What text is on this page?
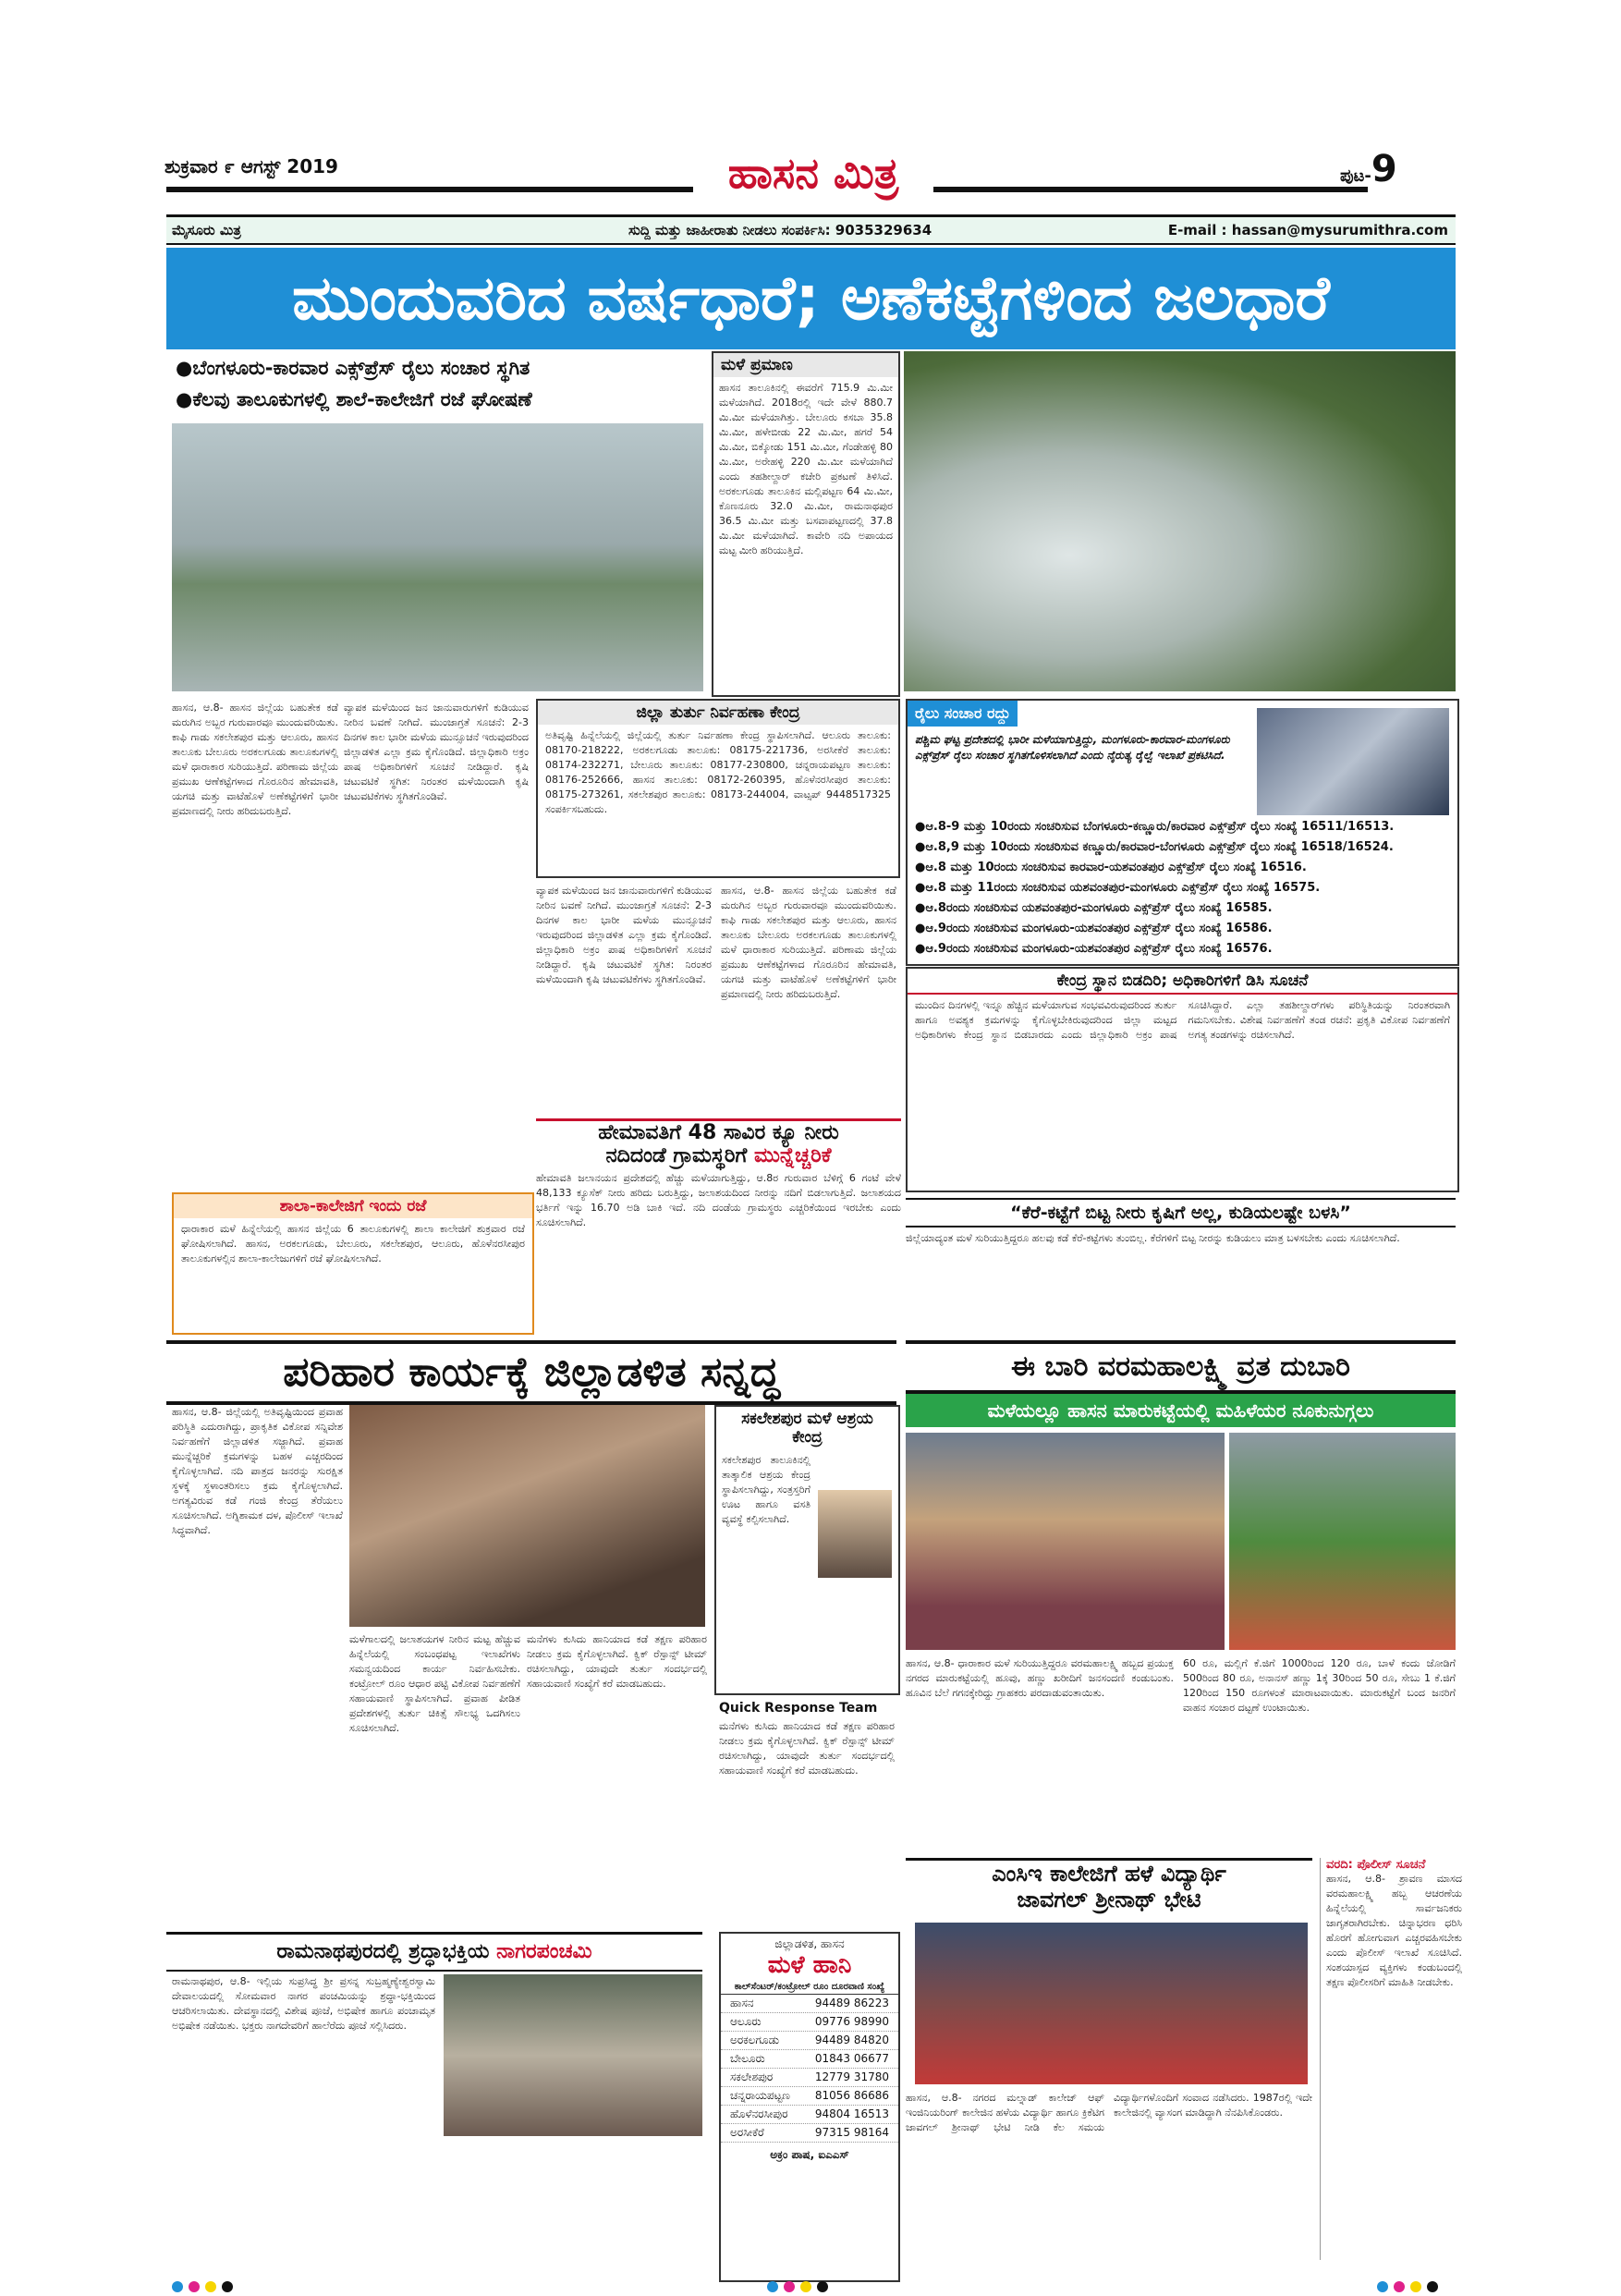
ಶುಕ್ರವಾರ ೯ ಆಗಸ್ಟ್ 2019	ಹಾಸನ ಮಿತ್ರ	ಪುಟ-9
ಮೈಸೂರು ಮಿತ್ರ	ಸುದ್ದಿ ಮತ್ತು ಜಾಹೀರಾತು ನೀಡಲು ಸಂಪರ್ಕಿಸಿ: 9035329634	E-mail : hassan@mysurumithra.com
ಮುಂದುವರಿದ ವರ್ಷಧಾರೆ; ಅಣೆಕಟ್ಟೆಗಳಿಂದ ಜಲಧಾರೆ
●ಬೆಂಗಳೂರು-ಕಾರವಾರ ಎಕ್ಸ್‌ಪ್ರೆಸ್ ರೈಲು ಸಂಚಾರ ಸ್ಥಗಿತ
●ಕೆಲವು ತಾಲೂಕುಗಳಲ್ಲಿ ಶಾಲೆ-ಕಾಲೇಜಿಗೆ ರಜೆ ಘೋಷಣೆ
ಮಳೆ ಪ್ರಮಾಣ
ಹಾಸನ ತಾಲೂಕಿನಲ್ಲಿ ಈವರೆಗೆ 715.9 ಮಿ.ಮೀ ಮಳೆಯಾಗಿದೆ. 2018ರಲ್ಲಿ ಇದೇ ವೇಳೆ 880.7 ಮಿ.ಮೀ ಮಳೆಯಾಗಿತ್ತು. ಬೇಲೂರು ಕಸಬಾ 35.8 ಮಿ.ಮೀ, ಹಳೇಬೀಡು 22 ಮಿ.ಮೀ, ಹಗರೆ 54 ಮಿ.ಮೀ, ಬಿಕ್ಕೋಡು 151 ಮಿ.ಮೀ, ಗೆಂಡೇಹಳ್ಳಿ 80 ಮಿ.ಮೀ, ಅರೇಹಳ್ಳಿ 220 ಮಿ.ಮೀ ಮಳೆಯಾಗಿದೆ ಎಂದು ತಹಶೀಲ್ದಾರ್ ಕಚೇರಿ ಪ್ರಕಟಣೆ ತಿಳಿಸಿದೆ. ಅರಕಲಗೂಡು ತಾಲೂಕಿನ ಮಲ್ಲಿಪಟ್ಟಣ 64 ಮಿ.ಮೀ, ಕೊಣನೂರು 32.0 ಮಿ.ಮೀ, ರಾಮನಾಥಪುರ 36.5 ಮಿ.ಮೀ ಮತ್ತು ಬಸವಾಪಟ್ಟಣದಲ್ಲಿ 37.8 ಮಿ.ಮೀ ಮಳೆಯಾಗಿದೆ. ಕಾವೇರಿ ನದಿ ಅಪಾಯದ ಮಟ್ಟ ಮೀರಿ ಹರಿಯುತ್ತಿದೆ.
ಹಾಸನ, ಆ.8- ಹಾಸನ ಜಿಲ್ಲೆಯ ಬಹುತೇಕ ಕಡೆ ಮರುಗಿನ ಅಬ್ಬರ ಗುರುವಾರವೂ ಮುಂದುವರಿಯಿತು. ಕಾಫಿ ಗಾಡು ಸಕಲೇಶಪುರ ಮತ್ತು ಆಲೂರು, ಹಾಸನ ತಾಲೂಕು ಬೇಲೂರು ಅರಕಲಗೂಡು ತಾಲೂಕುಗಳಲ್ಲಿ ಮಳೆ ಧಾರಾಕಾರ ಸುರಿಯುತ್ತಿದೆ. ಪರಿಣಾಮ ಜಿಲ್ಲೆಯ ಪ್ರಮುಖ ಆಣೆಕಟ್ಟೆಗಳಾದ ಗೊರೂರಿನ ಹೇಮಾವತಿ, ಯಗಚಿ ಮತ್ತು ವಾಟೆಹೊಳೆ ಅಣೆಕಟ್ಟೆಗಳಿಗೆ ಭಾರೀ ಪ್ರಮಾಣದಲ್ಲಿ ನೀರು ಹರಿದುಬರುತ್ತಿದೆ.
ವ್ಯಾಪಕ ಮಳೆಯಿಂದ ಜನ ಜಾನುವಾರುಗಳಿಗೆ ಕುಡಿಯುವ ನೀರಿನ ಬವಣೆ ನೀಗಿದೆ. ಮುಂಜಾಗ್ರತೆ ಸೂಚನೆ: 2-3 ದಿನಗಳ ಕಾಲ ಭಾರೀ ಮಳೆಯ ಮುನ್ಸೂಚನೆ ಇರುವುದರಿಂದ ಜಿಲ್ಲಾಡಳಿತ ಎಲ್ಲಾ ಕ್ರಮ ಕೈಗೊಂಡಿದೆ. ಜಿಲ್ಲಾಧಿಕಾರಿ ಅಕ್ರಂ ಪಾಷ ಅಧಿಕಾರಿಗಳಿಗೆ ಸೂಚನೆ ನೀಡಿದ್ದಾರೆ. ಕೃಷಿ ಚಟುವಟಿಕೆ ಸ್ಥಗಿತ: ನಿರಂತರ ಮಳೆಯಿಂದಾಗಿ ಕೃಷಿ ಚಟುವಟಿಕೆಗಳು ಸ್ಥಗಿತಗೊಂಡಿವೆ.
ಜಿಲ್ಲಾ ತುರ್ತು ನಿರ್ವಹಣಾ ಕೇಂದ್ರ
ಅತಿವೃಷ್ಟಿ ಹಿನ್ನೆಲೆಯಲ್ಲಿ ಜಿಲ್ಲೆಯಲ್ಲಿ ತುರ್ತು ನಿರ್ವಹಣಾ ಕೇಂದ್ರ ಸ್ಥಾಪಿಸಲಾಗಿದೆ. ಆಲೂರು ತಾಲೂಕು: 08170-218222, ಅರಕಲಗೂಡು ತಾಲೂಕು: 08175-221736, ಅರಸೀಕೆರೆ ತಾಲೂಕು: 08174-232271, ಬೇಲೂರು ತಾಲೂಕು: 08177-230800, ಚನ್ನರಾಯಪಟ್ಟಣ ತಾಲೂಕು: 08176-252666, ಹಾಸನ ತಾಲೂಕು: 08172-260395, ಹೊಳೆನರಸೀಪುರ ತಾಲೂಕು: 08175-273261, ಸಕಲೇಶಪುರ ತಾಲೂಕು: 08173-244004, ವಾಟ್ಸಪ್ 9448517325 ಸಂಪರ್ಕಿಸಬಹುದು.
ವ್ಯಾಪಕ ಮಳೆಯಿಂದ ಜನ ಜಾನುವಾರುಗಳಿಗೆ ಕುಡಿಯುವ ನೀರಿನ ಬವಣೆ ನೀಗಿದೆ. ಮುಂಜಾಗ್ರತೆ ಸೂಚನೆ: 2-3 ದಿನಗಳ ಕಾಲ ಭಾರೀ ಮಳೆಯ ಮುನ್ಸೂಚನೆ ಇರುವುದರಿಂದ ಜಿಲ್ಲಾಡಳಿತ ಎಲ್ಲಾ ಕ್ರಮ ಕೈಗೊಂಡಿದೆ. ಜಿಲ್ಲಾಧಿಕಾರಿ ಅಕ್ರಂ ಪಾಷ ಅಧಿಕಾರಿಗಳಿಗೆ ಸೂಚನೆ ನೀಡಿದ್ದಾರೆ. ಕೃಷಿ ಚಟುವಟಿಕೆ ಸ್ಥಗಿತ: ನಿರಂತರ ಮಳೆಯಿಂದಾಗಿ ಕೃಷಿ ಚಟುವಟಿಕೆಗಳು ಸ್ಥಗಿತಗೊಂಡಿವೆ.
ಹಾಸನ, ಆ.8- ಹಾಸನ ಜಿಲ್ಲೆಯ ಬಹುತೇಕ ಕಡೆ ಮರುಗಿನ ಅಬ್ಬರ ಗುರುವಾರವೂ ಮುಂದುವರಿಯಿತು. ಕಾಫಿ ಗಾಡು ಸಕಲೇಶಪುರ ಮತ್ತು ಆಲೂರು, ಹಾಸನ ತಾಲೂಕು ಬೇಲೂರು ಅರಕಲಗೂಡು ತಾಲೂಕುಗಳಲ್ಲಿ ಮಳೆ ಧಾರಾಕಾರ ಸುರಿಯುತ್ತಿದೆ. ಪರಿಣಾಮ ಜಿಲ್ಲೆಯ ಪ್ರಮುಖ ಆಣೆಕಟ್ಟೆಗಳಾದ ಗೊರೂರಿನ ಹೇಮಾವತಿ, ಯಗಚಿ ಮತ್ತು ವಾಟೆಹೊಳೆ ಅಣೆಕಟ್ಟೆಗಳಿಗೆ ಭಾರೀ ಪ್ರಮಾಣದಲ್ಲಿ ನೀರು ಹರಿದುಬರುತ್ತಿದೆ.
ರೈಲು ಸಂಚಾರ ರದ್ದು
ಪಶ್ಚಿಮ ಘಟ್ಟ ಪ್ರದೇಶದಲ್ಲಿ ಭಾರೀ ಮಳೆಯಾಗುತ್ತಿದ್ದು, ಮಂಗಳೂರು-ಕಾರವಾರ-ಮಂಗಳೂರು ಎಕ್ಸ್‌ಪ್ರೆಸ್ ರೈಲು ಸಂಚಾರ ಸ್ಥಗಿತಗೊಳಿಸಲಾಗಿದೆ ಎಂದು ನೈರುತ್ಯ ರೈಲ್ವೆ ಇಲಾಖೆ ಪ್ರಕಟಿಸಿದೆ.
●ಆ.8-9 ಮತ್ತು 10ರಂದು ಸಂಚರಿಸುವ ಬೆಂಗಳೂರು-ಕಣ್ಣೂರು/ಕಾರವಾರ ಎಕ್ಸ್‌ಪ್ರೆಸ್ ರೈಲು ಸಂಖ್ಯೆ 16511/16513.
●ಆ.8,9 ಮತ್ತು 10ರಂದು ಸಂಚರಿಸುವ ಕಣ್ಣೂರು/ಕಾರವಾರ-ಬೆಂಗಳೂರು ಎಕ್ಸ್‌ಪ್ರೆಸ್ ರೈಲು ಸಂಖ್ಯೆ 16518/16524.
●ಆ.8 ಮತ್ತು 10ರಂದು ಸಂಚರಿಸುವ ಕಾರವಾರ-ಯಶವಂತಪುರ ಎಕ್ಸ್‌ಪ್ರೆಸ್ ರೈಲು ಸಂಖ್ಯೆ 16516.
●ಆ.8 ಮತ್ತು 11ರಂದು ಸಂಚರಿಸುವ ಯಶವಂತಪುರ-ಮಂಗಳೂರು ಎಕ್ಸ್‌ಪ್ರೆಸ್ ರೈಲು ಸಂಖ್ಯೆ 16575.
●ಆ.8ರಂದು ಸಂಚರಿಸುವ ಯಶವಂತಪುರ-ಮಂಗಳೂರು ಎಕ್ಸ್‌ಪ್ರೆಸ್ ರೈಲು ಸಂಖ್ಯೆ 16585.
●ಆ.9ರಂದು ಸಂಚರಿಸುವ ಮಂಗಳೂರು-ಯಶವಂತಪುರ ಎಕ್ಸ್‌ಪ್ರೆಸ್ ರೈಲು ಸಂಖ್ಯೆ 16586.
●ಆ.9ರಂದು ಸಂಚರಿಸುವ ಮಂಗಳೂರು-ಯಶವಂತಪುರ ಎಕ್ಸ್‌ಪ್ರೆಸ್ ರೈಲು ಸಂಖ್ಯೆ 16576.
ಕೇಂದ್ರ ಸ್ಥಾನ ಬಿಡದಿರಿ; ಅಧಿಕಾರಿಗಳಿಗೆ ಡಿಸಿ ಸೂಚನೆ
ಮುಂದಿನ ದಿನಗಳಲ್ಲಿ ಇನ್ನೂ ಹೆಚ್ಚಿನ ಮಳೆಯಾಗುವ ಸಂಭವವಿರುವುದರಿಂದ ತುರ್ತು ಹಾಗೂ ಅವಶ್ಯಕ ಕ್ರಮಗಳನ್ನು ಕೈಗೊಳ್ಳಬೇಕಿರುವುದರಿಂದ ಜಿಲ್ಲಾ ಮಟ್ಟದ ಅಧಿಕಾರಿಗಳು ಕೇಂದ್ರ ಸ್ಥಾನ ಬಿಡಬಾರದು ಎಂದು ಜಿಲ್ಲಾಧಿಕಾರಿ ಅಕ್ರಂ ಪಾಷ ಸೂಚಿಸಿದ್ದಾರೆ. ಎಲ್ಲಾ ತಹಶೀಲ್ದಾರ್‌ಗಳು ಪರಿಸ್ಥಿತಿಯನ್ನು ನಿರಂತರವಾಗಿ ಗಮನಿಸಬೇಕು. ವಿಶೇಷ ನಿರ್ವಹಣೆಗೆ ತಂಡ ರಚನೆ: ಪ್ರಕೃತಿ ವಿಕೋಪ ನಿರ್ವಹಣೆಗೆ ಅಗತ್ಯ ತಂಡಗಳನ್ನು ರಚಿಸಲಾಗಿದೆ.
ಶಾಲಾ-ಕಾಲೇಜಿಗೆ ಇಂದು ರಜೆ
ಧಾರಾಕಾರ ಮಳೆ ಹಿನ್ನೆಲೆಯಲ್ಲಿ ಹಾಸನ ಜಿಲ್ಲೆಯ 6 ತಾಲೂಕುಗಳಲ್ಲಿ ಶಾಲಾ ಕಾಲೇಜಿಗೆ ಶುಕ್ರವಾರ ರಜೆ ಘೋಷಿಸಲಾಗಿದೆ. ಹಾಸನ, ಅರಕಲಗೂಡು, ಬೇಲೂರು, ಸಕಲೇಶಪುರ, ಆಲೂರು, ಹೊಳೆನರಸೀಪುರ ತಾಲೂಕುಗಳಲ್ಲಿನ ಶಾಲಾ-ಕಾಲೇಜುಗಳಿಗೆ ರಜೆ ಘೋಷಿಸಲಾಗಿದೆ.
ಹೇಮಾವತಿಗೆ 48 ಸಾವಿರ ಕ್ಯೂ ನೀರು
ನದಿದಂಡೆ ಗ್ರಾಮಸ್ಥರಿಗೆ ಮುನ್ನೆಚ್ಚರಿಕೆ
ಹೇಮಾವತಿ ಜಲಾನಯನ ಪ್ರದೇಶದಲ್ಲಿ ಹೆಚ್ಚು ಮಳೆಯಾಗುತ್ತಿದ್ದು, ಆ.8ರ ಗುರುವಾರ ಬೆಳಿಗ್ಗೆ 6 ಗಂಟೆ ವೇಳೆ 48,133 ಕ್ಯೂಸೆಕ್ ನೀರು ಹರಿದು ಬರುತ್ತಿದ್ದು, ಜಲಾಶಯದಿಂದ ನೀರನ್ನು ನದಿಗೆ ಬಿಡಲಾಗುತ್ತಿದೆ. ಜಲಾಶಯದ ಭರ್ತಿಗೆ ಇನ್ನು 16.70 ಅಡಿ ಬಾಕಿ ಇದೆ. ನದಿ ದಂಡೆಯ ಗ್ರಾಮಸ್ಥರು ಎಚ್ಚರಿಕೆಯಿಂದ ಇರಬೇಕು ಎಂದು ಸೂಚಿಸಲಾಗಿದೆ.	“ಕೆರೆ-ಕಟ್ಟೆಗೆ ಬಿಟ್ಟ ನೀರು ಕೃಷಿಗೆ ಅಲ್ಲ, ಕುಡಿಯಲಷ್ಟೇ ಬಳಸಿ”
ಜಿಲ್ಲೆಯಾದ್ಯಂತ ಮಳೆ ಸುರಿಯುತ್ತಿದ್ದರೂ ಹಲವು ಕಡೆ ಕೆರೆ-ಕಟ್ಟೆಗಳು ತುಂಬಿಲ್ಲ. ಕೆರೆಗಳಿಗೆ ಬಿಟ್ಟ ನೀರನ್ನು ಕುಡಿಯಲು ಮಾತ್ರ ಬಳಸಬೇಕು ಎಂದು ಸೂಚಿಸಲಾಗಿದೆ.
ಪರಿಹಾರ ಕಾರ್ಯಕ್ಕೆ ಜಿಲ್ಲಾಡಳಿತ ಸನ್ನದ್ಧ
ಹಾಸನ, ಆ.8- ಜಿಲ್ಲೆಯಲ್ಲಿ ಅತಿವೃಷ್ಟಿಯಿಂದ ಪ್ರವಾಹ ಪರಿಸ್ಥಿತಿ ಎದುರಾಗಿದ್ದು, ಪ್ರಾಕೃತಿಕ ವಿಕೋಪ ಸನ್ನಿವೇಶ ನಿರ್ವಹಣೆಗೆ ಜಿಲ್ಲಾಡಳಿತ ಸಜ್ಜಾಗಿದೆ. ಪ್ರವಾಹ ಮುನ್ನೆಚ್ಚರಿಕೆ ಕ್ರಮಗಳನ್ನು ಬಹಳ ಎಚ್ಚರದಿಂದ ಕೈಗೊಳ್ಳಲಾಗಿದೆ. ನದಿ ಪಾತ್ರದ ಜನರನ್ನು ಸುರಕ್ಷಿತ ಸ್ಥಳಕ್ಕೆ ಸ್ಥಳಾಂತರಿಸಲು ಕ್ರಮ ಕೈಗೊಳ್ಳಲಾಗಿದೆ. ಅಗತ್ಯವಿರುವ ಕಡೆ ಗಂಜಿ ಕೇಂದ್ರ ತೆರೆಯಲು ಸೂಚಿಸಲಾಗಿದೆ. ಅಗ್ನಿಶಾಮಕ ದಳ, ಪೊಲೀಸ್ ಇಲಾಖೆ ಸಿದ್ಧವಾಗಿದೆ.
ಮಳೆಗಾಲದಲ್ಲಿ ಜಲಾಶಯಗಳ ನೀರಿನ ಮಟ್ಟ ಹೆಚ್ಚುವ ಹಿನ್ನೆಲೆಯಲ್ಲಿ ಸಂಬಂಧಪಟ್ಟ ಇಲಾಖೆಗಳು ಸಮನ್ವಯದಿಂದ ಕಾರ್ಯ ನಿರ್ವಹಿಸಬೇಕು. ಕಂಟ್ರೋಲ್ ರೂಂ ಆಧಾರ ಪಟ್ಟಿ ವಿಕೋಪ ನಿರ್ವಹಣೆಗೆ ಸಹಾಯವಾಣಿ ಸ್ಥಾಪಿಸಲಾಗಿದೆ. ಪ್ರವಾಹ ಪೀಡಿತ ಪ್ರದೇಶಗಳಲ್ಲಿ ತುರ್ತು ಚಿಕಿತ್ಸೆ ಸೌಲಭ್ಯ ಒದಗಿಸಲು ಸೂಚಿಸಲಾಗಿದೆ.
ಮನೆಗಳು ಕುಸಿದು ಹಾನಿಯಾದ ಕಡೆ ತಕ್ಷಣ ಪರಿಹಾರ ನೀಡಲು ಕ್ರಮ ಕೈಗೊಳ್ಳಲಾಗಿದೆ. ಕ್ವಿಕ್ ರೆಸ್ಪಾನ್ಸ್ ಟೀಮ್ ರಚಿಸಲಾಗಿದ್ದು, ಯಾವುದೇ ತುರ್ತು ಸಂದರ್ಭದಲ್ಲಿ ಸಹಾಯವಾಣಿ ಸಂಖ್ಯೆಗೆ ಕರೆ ಮಾಡಬಹುದು.
ಸಕಲೇಶಪುರ ಮಳೆ ಆಶ್ರಯ ಕೇಂದ್ರ
ಸಕಲೇಶಪುರ ತಾಲೂಕಿನಲ್ಲಿ ತಾತ್ಕಾಲಿಕ ಆಶ್ರಯ ಕೇಂದ್ರ ಸ್ಥಾಪಿಸಲಾಗಿದ್ದು, ಸಂತ್ರಸ್ತರಿಗೆ ಊಟ ಹಾಗೂ ವಸತಿ ವ್ಯವಸ್ಥೆ ಕಲ್ಪಿಸಲಾಗಿದೆ.
Quick Response Team
ಮನೆಗಳು ಕುಸಿದು ಹಾನಿಯಾದ ಕಡೆ ತಕ್ಷಣ ಪರಿಹಾರ ನೀಡಲು ಕ್ರಮ ಕೈಗೊಳ್ಳಲಾಗಿದೆ. ಕ್ವಿಕ್ ರೆಸ್ಪಾನ್ಸ್ ಟೀಮ್ ರಚಿಸಲಾಗಿದ್ದು, ಯಾವುದೇ ತುರ್ತು ಸಂದರ್ಭದಲ್ಲಿ ಸಹಾಯವಾಣಿ ಸಂಖ್ಯೆಗೆ ಕರೆ ಮಾಡಬಹುದು.
ಈ ಬಾರಿ ವರಮಹಾಲಕ್ಷ್ಮಿ ವ್ರತ ದುಬಾರಿ
ಮಳೆಯಲ್ಲೂ ಹಾಸನ ಮಾರುಕಟ್ಟೆಯಲ್ಲಿ ಮಹಿಳೆಯರ ನೂಕುನುಗ್ಗಲು
ಹಾಸನ, ಆ.8- ಧಾರಾಕಾರ ಮಳೆ ಸುರಿಯುತ್ತಿದ್ದರೂ ವರಮಹಾಲಕ್ಷ್ಮಿ ಹಬ್ಬದ ಪ್ರಯುಕ್ತ ನಗರದ ಮಾರುಕಟ್ಟೆಯಲ್ಲಿ ಹೂವು, ಹಣ್ಣು ಖರೀದಿಗೆ ಜನಸಂದಣಿ ಕಂಡುಬಂತು. ಹೂವಿನ ಬೆಲೆ ಗಗನಕ್ಕೇರಿದ್ದು ಗ್ರಾಹಕರು ಪರದಾಡುವಂತಾಯಿತು.
60 ರೂ, ಮಲ್ಲಿಗೆ ಕೆ.ಜಿಗೆ 1000ರಿಂದ 120 ರೂ, ಬಾಳೆ ಕಂದು ಜೋಡಿಗೆ 500ರಿಂದ 80 ರೂ, ಅನಾನಸ್ ಹಣ್ಣು 1ಕ್ಕೆ 30ರಿಂದ 50 ರೂ, ಸೇಬು 1 ಕೆ.ಜಿಗೆ 120ರಿಂದ 150 ರೂಗಳಂತೆ ಮಾರಾಟವಾಯಿತು. ಮಾರುಕಟ್ಟೆಗೆ ಬಂದ ಜನರಿಗೆ ವಾಹನ ಸಂಚಾರ ದಟ್ಟಣೆ ಉಂಟಾಯಿತು.
ಎಂಸಿಇ ಕಾಲೇಜಿಗೆ ಹಳೆ ವಿದ್ಯಾರ್ಥಿ
ಜಾವಗಲ್ ಶ್ರೀನಾಥ್ ಭೇಟಿ
ಹಾಸನ, ಆ.8- ನಗರದ ಮಲ್ನಾಡ್ ಕಾಲೇಜ್ ಆಫ್ ಇಂಜಿನಿಯರಿಂಗ್ ಕಾಲೇಜಿನ ಹಳೆಯ ವಿದ್ಯಾರ್ಥಿ ಹಾಗೂ ಕ್ರಿಕೆಟಿಗ ಜಾವಗಲ್ ಶ್ರೀನಾಥ್ ಭೇಟಿ ನೀಡಿ ಕೆಲ ಸಮಯ ವಿದ್ಯಾರ್ಥಿಗಳೊಂದಿಗೆ ಸಂವಾದ ನಡೆಸಿದರು. 1987ರಲ್ಲಿ ಇದೇ ಕಾಲೇಜಿನಲ್ಲಿ ವ್ಯಾಸಂಗ ಮಾಡಿದ್ದಾಗಿ ನೆನಪಿಸಿಕೊಂಡರು.
ವರದಿ: ಪೊಲೀಸ್ ಸೂಚನೆ
ಹಾಸನ, ಆ.8- ಶ್ರಾವಣ ಮಾಸದ ವರಮಹಾಲಕ್ಷ್ಮಿ ಹಬ್ಬ ಆಚರಣೆಯ ಹಿನ್ನೆಲೆಯಲ್ಲಿ ಸಾರ್ವಜನಿಕರು ಜಾಗೃತರಾಗಿರಬೇಕು. ಚಿನ್ನಾಭರಣ ಧರಿಸಿ ಹೊರಗೆ ಹೋಗುವಾಗ ಎಚ್ಚರವಹಿಸಬೇಕು ಎಂದು ಪೊಲೀಸ್ ಇಲಾಖೆ ಸೂಚಿಸಿದೆ. ಸಂಶಯಾಸ್ಪದ ವ್ಯಕ್ತಿಗಳು ಕಂಡುಬಂದಲ್ಲಿ ತಕ್ಷಣ ಪೊಲೀಸರಿಗೆ ಮಾಹಿತಿ ನೀಡಬೇಕು.
ರಾಮನಾಥಪುರದಲ್ಲಿ ಶ್ರದ್ಧಾಭಕ್ತಿಯ ನಾಗರಪಂಚಮಿ
ರಾಮನಾಥಪುರ, ಆ.8- ಇಲ್ಲಿಯ ಸುಪ್ರಸಿದ್ಧ ಶ್ರೀ ಪ್ರಸನ್ನ ಸುಬ್ರಹ್ಮಣ್ಯೇಶ್ವರಸ್ವಾಮಿ ದೇವಾಲಯದಲ್ಲಿ ಸೋಮವಾರ ನಾಗರ ಪಂಚಮಿಯನ್ನು ಶ್ರದ್ಧಾ-ಭಕ್ತಿಯಿಂದ ಆಚರಿಸಲಾಯಿತು. ದೇವಸ್ಥಾನದಲ್ಲಿ ವಿಶೇಷ ಪೂಜೆ, ಅಭಿಷೇಕ ಹಾಗೂ ಪಂಚಾಮೃತ ಅಭಿಷೇಕ ನಡೆಯಿತು. ಭಕ್ತರು ನಾಗದೇವರಿಗೆ ಹಾಲೆರೆದು ಪೂಜೆ ಸಲ್ಲಿಸಿದರು.
ಜಿಲ್ಲಾಡಳಿತ, ಹಾಸನ
ಮಳೆ ಹಾನಿ
ಕಾಲ್‌ಸೆಂಟರ್/ಕಂಟ್ರೋಲ್ ರೂಂ ದೂರವಾಣಿ ಸಂಖ್ಯೆ
ಹಾಸನ	94489 86223
ಆಲೂರು	09776 98990
ಅರಕಲಗೂಡು	94489 84820
ಬೇಲೂರು	01843 06677
ಸಕಲೇಶಪುರ	12779 31780
ಚನ್ನರಾಯಪಟ್ಟಣ 81056 86686
ಹೊಳೆನರಸೀಪುರ 94804 16513
ಅರಸೀಕೆರೆ	97315 98164
ಅಕ್ರಂ ಪಾಷ, ಐಎಎಸ್
